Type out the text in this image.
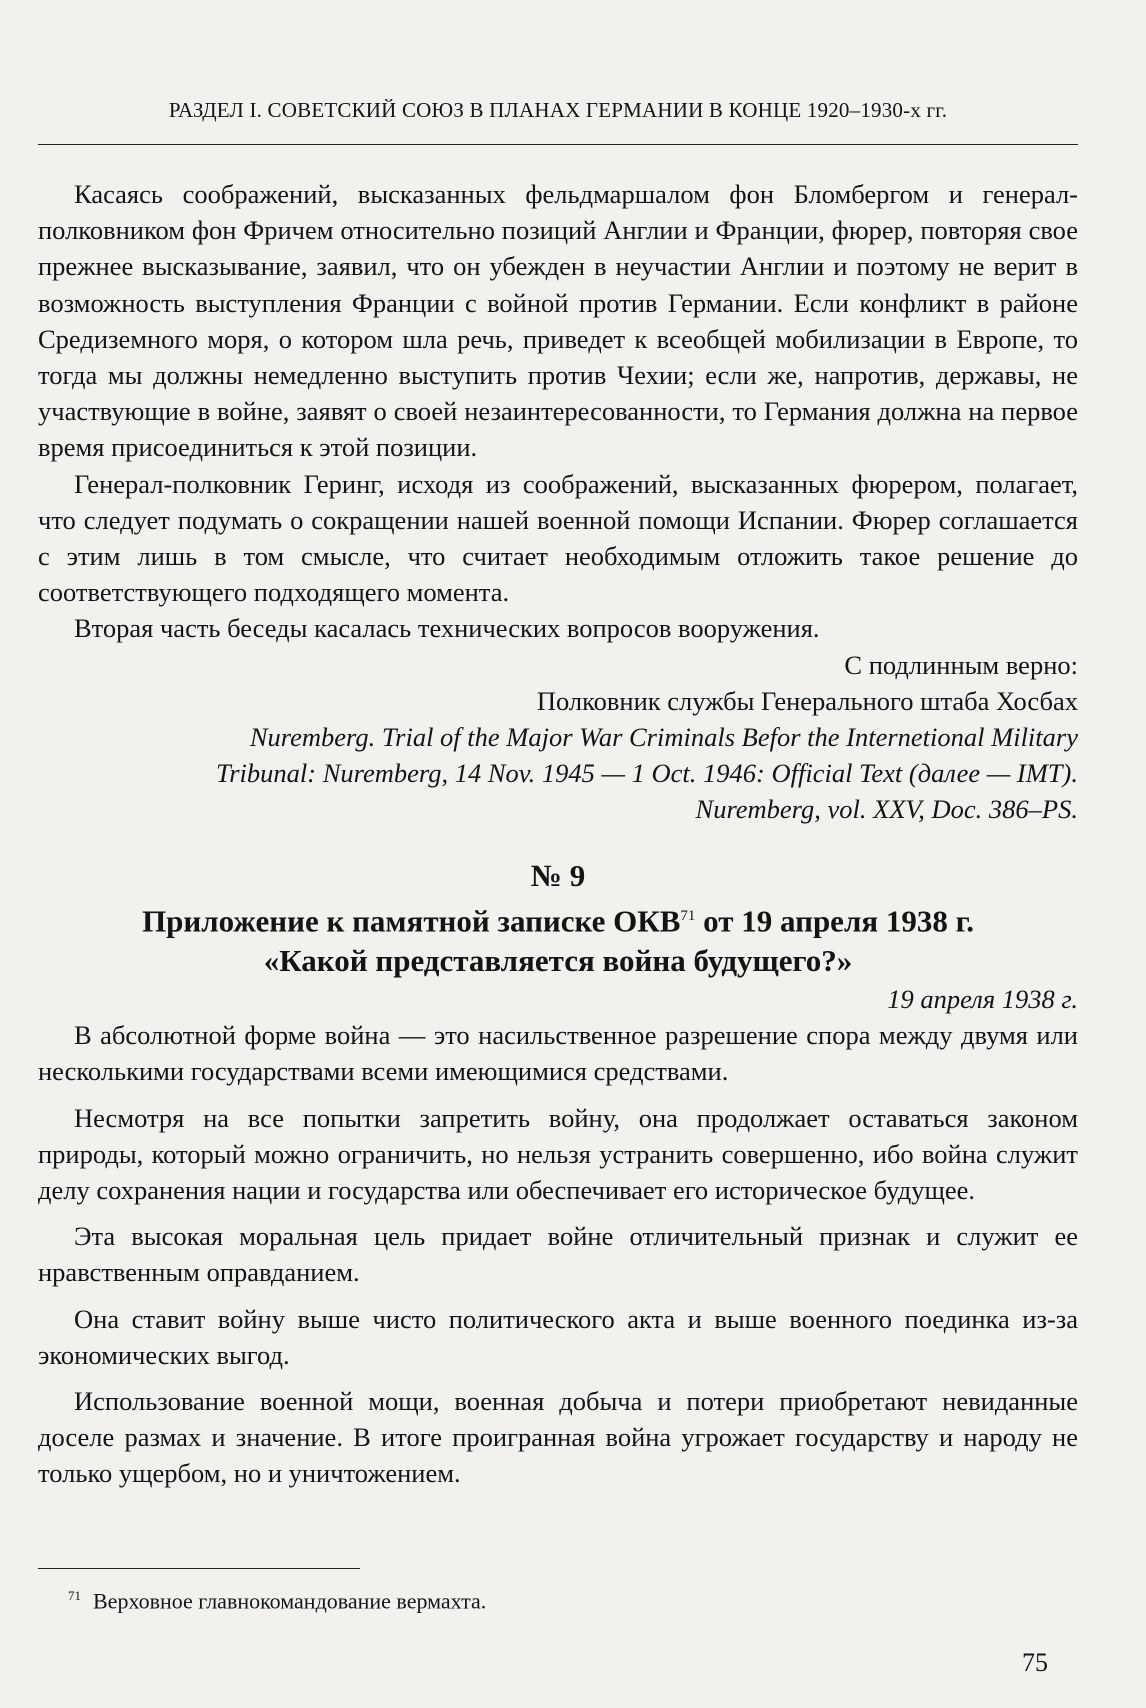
РАЗДЕЛ I. СОВЕТСКИЙ СОЮЗ В ПЛАНАХ ГЕРМАНИИ В КОНЦЕ 1920–1930-х гг.

Касаясь соображений, высказанных фельдмаршалом фон Бломбергом и генерал-полковником фон Фричем относительно позиций Англии и Франции, фюрер, повторяя свое прежнее высказывание, заявил, что он убежден в неучастии Англии и поэтому не верит в возможность выступления Франции с войной против Германии. Если конфликт в районе Средиземного моря, о котором шла речь, приведет к всеобщей мобилизации в Европе, то тогда мы должны немедленно выступить против Чехии; если же, напротив, державы, не участвующие в войне, заявят о своей незаинтересованности, то Германия должна на первое время присоединиться к этой позиции.

Генерал-полковник Геринг, исходя из соображений, высказанных фюрером, полагает, что следует подумать о сокращении нашей военной помощи Испании. Фюрер соглашается с этим лишь в том смысле, что считает необходимым отложить такое решение до соответствующего подходящего момента.

Вторая часть беседы касалась технических вопросов вооружения.

С подлинным верно:

Полковник службы Генерального штаба Хосбах

Nuremberg. Trial of the Major War Criminals Befor the Internetional Military

Tribunal: Nuremberg, 14 Nov. 1945 — 1 Oct. 1946: Official Text (далее — IMT).

Nuremberg, vol. XXV, Doc. 386–PS.

№ 9
Приложение к памятной записке ОКВ$^{71}$ от 19 апреля 1938 г.
«Какой представляется война будущего?»

19 апреля 1938 г.

В абсолютной форме война — это насильственное разрешение спора между двумя или несколькими государствами всеми имеющимися средствами.

Несмотря на все попытки запретить войну, она продолжает оставаться законом природы, который можно ограничить, но нельзя устранить совершенно, ибо война служит делу сохранения нации и государства или обеспечивает его историческое будущее.

Эта высокая моральная цель придает войне отличительный признак и служит ее нравственным оправданием.

Она ставит войну выше чисто политического акта и выше военного поединка из-за экономических выгод.

Использование военной мощи, военная добыча и потери приобретают невиданные доселе размах и значение. В итоге проигранная война угрожает государству и народу не только ущербом, но и уничтожением.

$^{71}$ Верховное главнокомандование вермахта.
75
